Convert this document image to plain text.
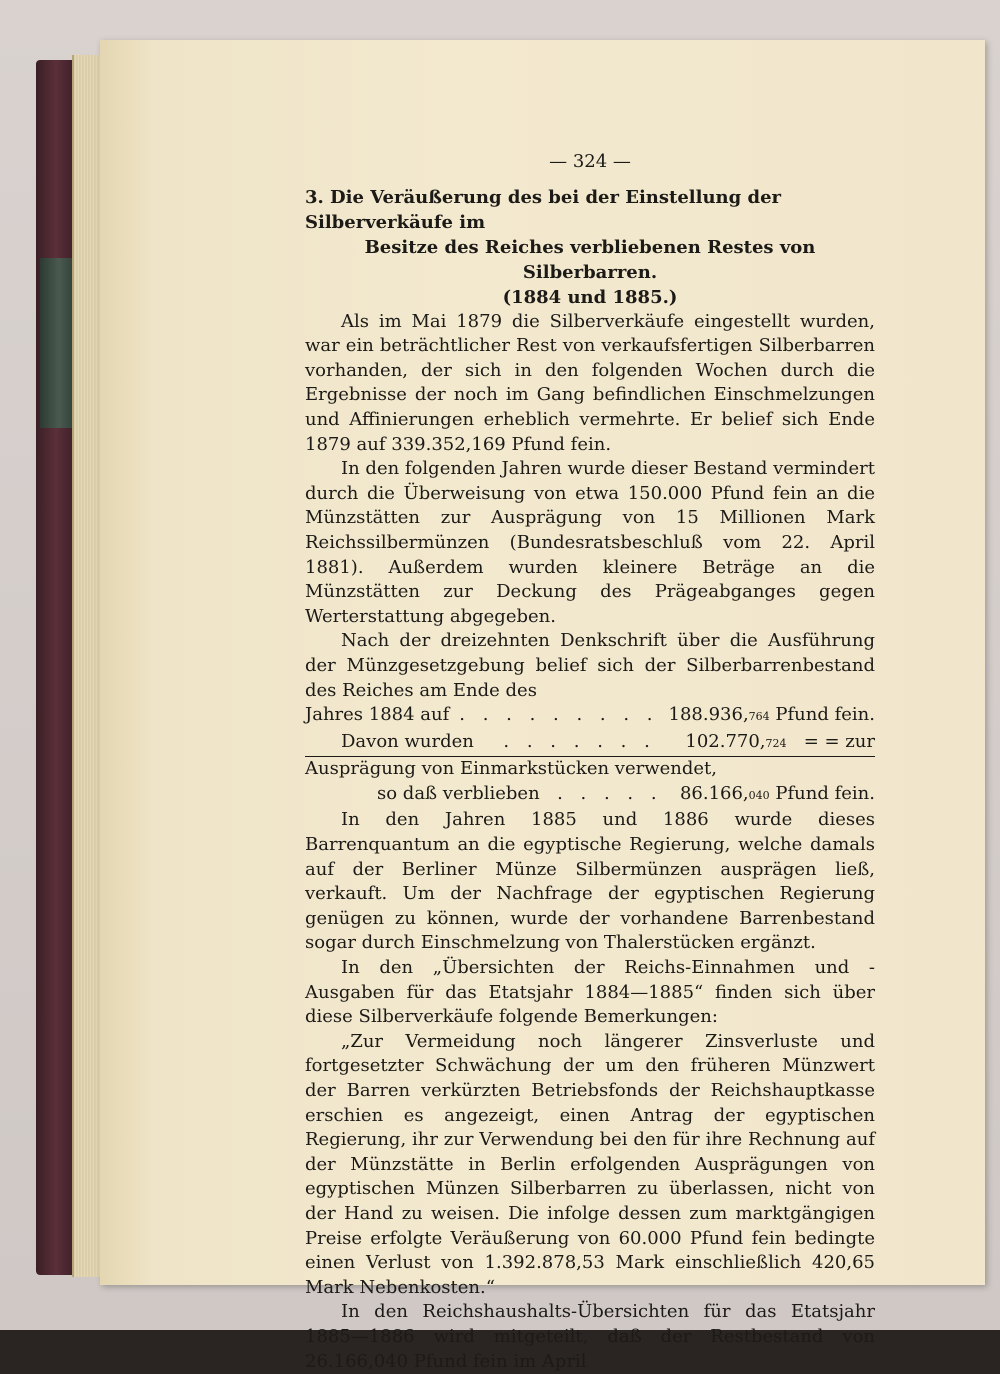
— 324 —
3. Die Veräußerung des bei der Einstellung der Silberverkäufe im
Besitze des Reiches verbliebenen Restes von Silberbarren.
(1884 und 1885.)

Als im Mai 1879 die Silberverkäufe eingestellt wurden, war ein beträchtlicher Rest von verkaufsfertigen Silberbarren vorhanden, der sich in den folgenden Wochen durch die Ergebnisse der noch im Gang befindlichen Einschmelzungen und Affinierungen erheblich vermehrte. Er belief sich Ende 1879 auf 339.352,169 Pfund fein.

In den folgenden Jahren wurde dieser Bestand vermindert durch die Überweisung von etwa 150.000 Pfund fein an die Münzstätten zur Ausprägung von 15 Millionen Mark Reichssilbermünzen (Bundesratsbeschluß vom 22. April 1881). Außerdem wurden kleinere Beträge an die Münzstätten zur Deckung des Prägeabganges gegen Werterstattung abgegeben.

Nach der dreizehnten Denkschrift über die Ausführung der Münzgesetzgebung belief sich der Silberbarrenbestand des Reiches am Ende des

Jahres 1884 auf . . . . . . . . . 188.936,764 Pfund fein.
Davon wurden	. . . . . . .	102.770,724 = = zur
Ausprägung von Einmarkstücken verwendet,
so daß verblieben . . . . . 86.166,040 Pfund fein.

In den Jahren 1885 und 1886 wurde dieses Barrenquantum an die egyptische Regierung, welche damals auf der Berliner Münze Silbermünzen ausprägen ließ, verkauft. Um der Nachfrage der egyptischen Regierung genügen zu können, wurde der vorhandene Barrenbestand sogar durch Einschmelzung von Thalerstücken ergänzt.

In den „Übersichten der Reichs-Einnahmen und -Ausgaben für das Etatsjahr 1884—1885“ finden sich über diese Silberverkäufe folgende Bemerkungen:

„Zur Vermeidung noch längerer Zinsverluste und fortgesetzter Schwächung der um den früheren Münzwert der Barren verkürzten Betriebsfonds der Reichshauptkasse erschien es angezeigt, einen Antrag der egyptischen Regierung, ihr zur Verwendung bei den für ihre Rechnung auf der Münzstätte in Berlin erfolgenden Ausprägungen von egyptischen Münzen Silberbarren zu überlassen, nicht von der Hand zu weisen. Die infolge dessen zum marktgängigen Preise erfolgte Veräußerung von 60.000 Pfund fein bedingte einen Verlust von 1.392.878,53 Mark einschließlich 420,65 Mark Nebenkosten.“

In den Reichshaushalts-Übersichten für das Etatsjahr 1885—1886 wird mitgeteilt, daß der Restbestand von 26.166,040 Pfund fein im April
